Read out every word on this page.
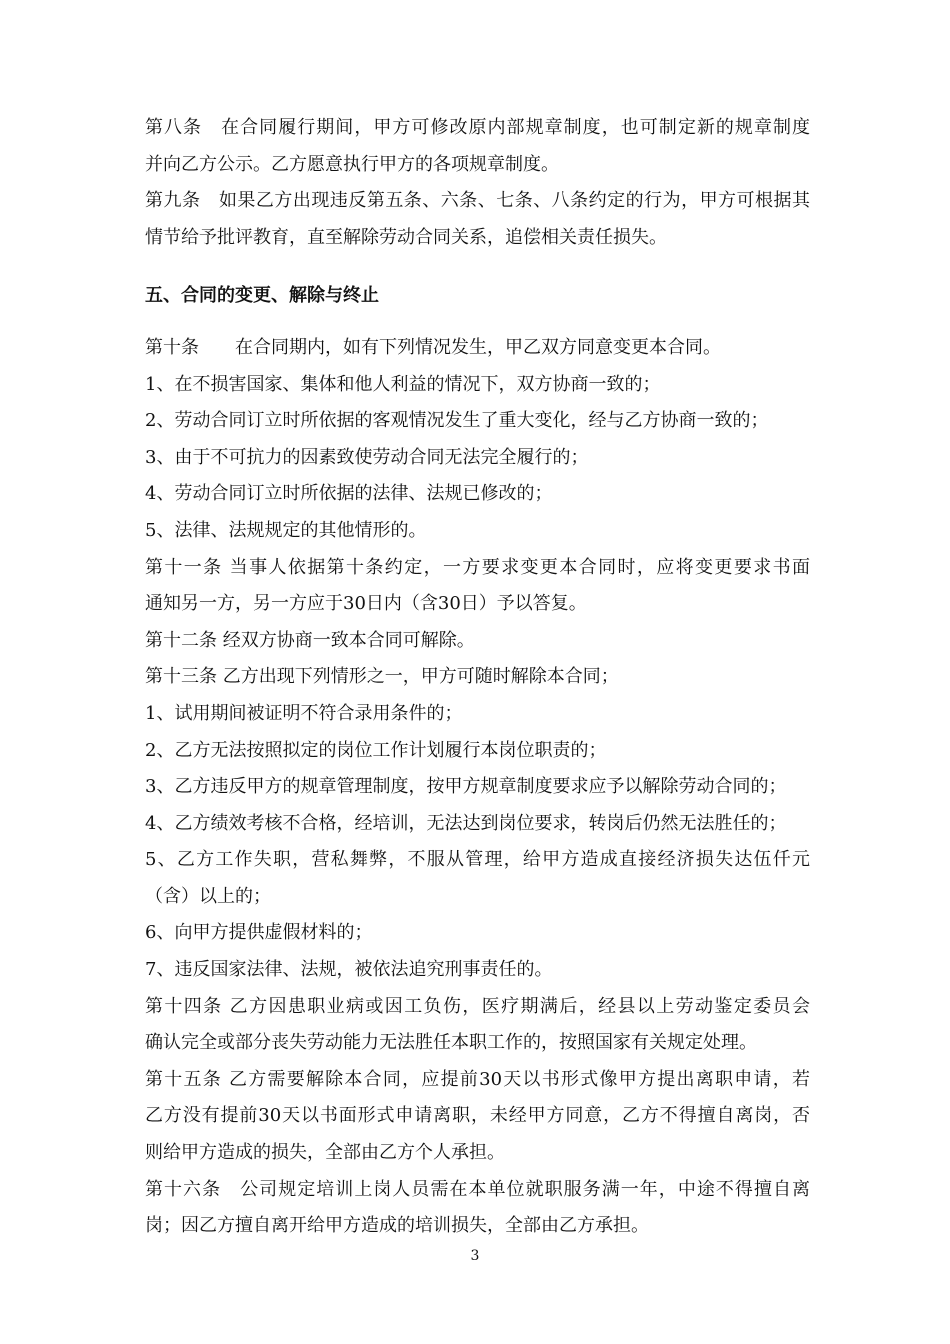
第八条　在合同履行期间，甲方可修改原内部规章制度，也可制定新的规章制度
并向乙方公示。乙方愿意执行甲方的各项规章制度。
第九条　如果乙方出现违反第五条、六条、七条、八条约定的行为，甲方可根据其
情节给予批评教育，直至解除劳动合同关系，追偿相关责任损失。
五、合同的变更、解除与终止
第十条　　在合同期内，如有下列情况发生，甲乙双方同意变更本合同。
1、在不损害国家、集体和他人利益的情况下，双方协商一致的；
2、劳动合同订立时所依据的客观情况发生了重大变化，经与乙方协商一致的；
3、由于不可抗力的因素致使劳动合同无法完全履行的；
4、劳动合同订立时所依据的法律、法规已修改的；
5、法律、法规规定的其他情形的。
第十一条 当事人依据第十条约定，一方要求变更本合同时，应将变更要求书面
通知另一方，另一方应于30日内（含30日）予以答复。
第十二条 经双方协商一致本合同可解除。
第十三条 乙方出现下列情形之一，甲方可随时解除本合同；
1、试用期间被证明不符合录用条件的；
2、乙方无法按照拟定的岗位工作计划履行本岗位职责的；
3、乙方违反甲方的规章管理制度，按甲方规章制度要求应予以解除劳动合同的；
4、乙方绩效考核不合格，经培训，无法达到岗位要求，转岗后仍然无法胜任的；
5、乙方工作失职，营私舞弊，不服从管理，给甲方造成直接经济损失达伍仟元
（含）以上的；
6、向甲方提供虚假材料的；
7、违反国家法律、法规，被依法追究刑事责任的。
第十四条 乙方因患职业病或因工负伤，医疗期满后，经县以上劳动鉴定委员会
确认完全或部分丧失劳动能力无法胜任本职工作的，按照国家有关规定处理。
第十五条 乙方需要解除本合同，应提前30天以书形式像甲方提出离职申请，若
乙方没有提前30天以书面形式申请离职，未经甲方同意，乙方不得擅自离岗，否
则给甲方造成的损失，全部由乙方个人承担。
第十六条　公司规定培训上岗人员需在本单位就职服务满一年，中途不得擅自离
岗；因乙方擅自离开给甲方造成的培训损失，全部由乙方承担。
3
